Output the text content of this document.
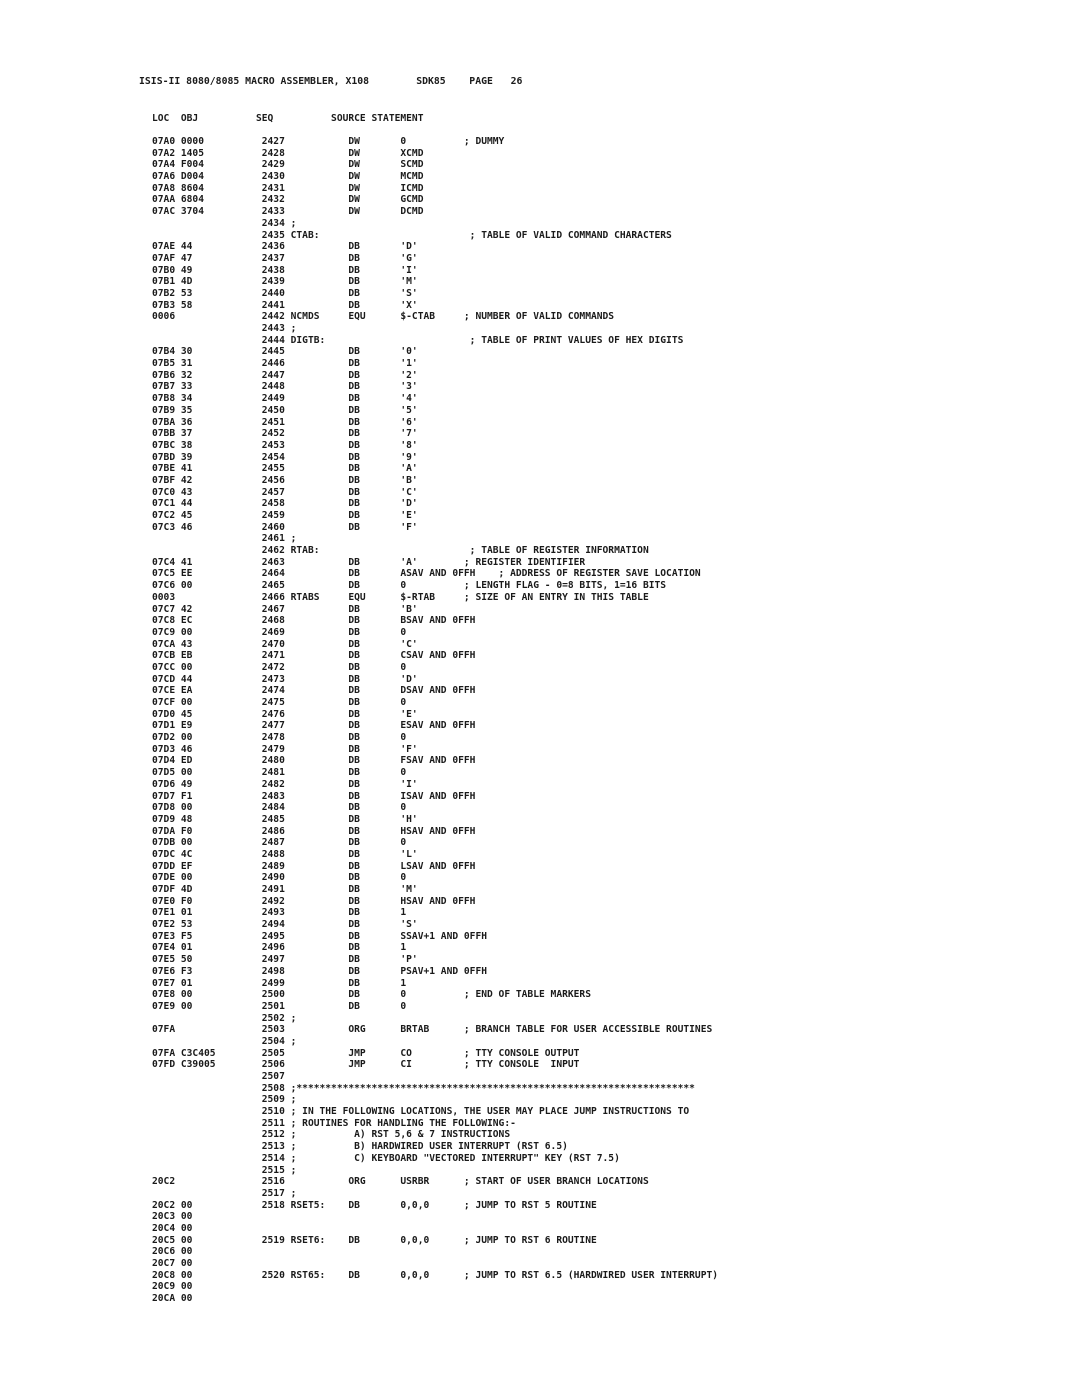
ISIS-II 8080/8085 MACRO ASSEMBLER, X108        SDK85    PAGE   26
LOC  OBJ          SEQ          SOURCE STATEMENT
07A0 0000          2427           DW       0          ; DUMMY
07A2 1405          2428           DW       XCMD
07A4 F004          2429           DW       SCMD
07A6 D004          2430           DW       MCMD
07A8 8604          2431           DW       ICMD
07AA 6804          2432           DW       GCMD
07AC 3704          2433           DW       DCMD
2434 ;
2435 CTAB:                          ; TABLE OF VALID COMMAND CHARACTERS
07AE 44            2436           DB       'D'
07AF 47            2437           DB       'G'
07B0 49            2438           DB       'I'
07B1 4D            2439           DB       'M'
07B2 53            2440           DB       'S'
07B3 58            2441           DB       'X'
0006               2442 NCMDS     EQU      $-CTAB     ; NUMBER OF VALID COMMANDS
2443 ;
2444 DIGTB:                         ; TABLE OF PRINT VALUES OF HEX DIGITS
07B4 30            2445           DB       '0'
07B5 31            2446           DB       '1'
07B6 32            2447           DB       '2'
07B7 33            2448           DB       '3'
07B8 34            2449           DB       '4'
07B9 35            2450           DB       '5'
07BA 36            2451           DB       '6'
07BB 37            2452           DB       '7'
07BC 38            2453           DB       '8'
07BD 39            2454           DB       '9'
07BE 41            2455           DB       'A'
07BF 42            2456           DB       'B'
07C0 43            2457           DB       'C'
07C1 44            2458           DB       'D'
07C2 45            2459           DB       'E'
07C3 46            2460           DB       'F'
2461 ;
2462 RTAB:                          ; TABLE OF REGISTER INFORMATION
07C4 41            2463           DB       'A'        ; REGISTER IDENTIFIER
07C5 EE            2464           DB       ASAV AND 0FFH    ; ADDRESS OF REGISTER SAVE LOCATION
07C6 00            2465           DB       0          ; LENGTH FLAG - 0=8 BITS, 1=16 BITS
0003               2466 RTABS     EQU      $-RTAB     ; SIZE OF AN ENTRY IN THIS TABLE
07C7 42            2467           DB       'B'
07C8 EC            2468           DB       BSAV AND 0FFH
07C9 00            2469           DB       0
07CA 43            2470           DB       'C'
07CB EB            2471           DB       CSAV AND 0FFH
07CC 00            2472           DB       0
07CD 44            2473           DB       'D'
07CE EA            2474           DB       DSAV AND 0FFH
07CF 00            2475           DB       0
07D0 45            2476           DB       'E'
07D1 E9            2477           DB       ESAV AND 0FFH
07D2 00            2478           DB       0
07D3 46            2479           DB       'F'
07D4 ED            2480           DB       FSAV AND 0FFH
07D5 00            2481           DB       0
07D6 49            2482           DB       'I'
07D7 F1            2483           DB       ISAV AND 0FFH
07D8 00            2484           DB       0
07D9 48            2485           DB       'H'
07DA F0            2486           DB       HSAV AND 0FFH
07DB 00            2487           DB       0
07DC 4C            2488           DB       'L'
07DD EF            2489           DB       LSAV AND 0FFH
07DE 00            2490           DB       0
07DF 4D            2491           DB       'M'
07E0 F0            2492           DB       HSAV AND 0FFH
07E1 01            2493           DB       1
07E2 53            2494           DB       'S'
07E3 F5            2495           DB       SSAV+1 AND 0FFH
07E4 01            2496           DB       1
07E5 50            2497           DB       'P'
07E6 F3            2498           DB       PSAV+1 AND 0FFH
07E7 01            2499           DB       1
07E8 00            2500           DB       0          ; END OF TABLE MARKERS
07E9 00            2501           DB       0
2502 ;
07FA               2503           ORG      BRTAB      ; BRANCH TABLE FOR USER ACCESSIBLE ROUTINES
2504 ;
07FA C3C405        2505           JMP      CO         ; TTY CONSOLE OUTPUT
07FD C39005        2506           JMP      CI         ; TTY CONSOLE  INPUT
2507
2508 ;*********************************************************************
2509 ;
2510 ; IN THE FOLLOWING LOCATIONS, THE USER MAY PLACE JUMP INSTRUCTIONS TO
2511 ; ROUTINES FOR HANDLING THE FOLLOWING:-
2512 ;          A) RST 5,6 & 7 INSTRUCTIONS
2513 ;          B) HARDWIRED USER INTERRUPT (RST 6.5)
2514 ;          C) KEYBOARD "VECTORED INTERRUPT" KEY (RST 7.5)
2515 ;
20C2               2516           ORG      USRBR      ; START OF USER BRANCH LOCATIONS
2517 ;
20C2 00            2518 RSET5:    DB       0,0,0      ; JUMP TO RST 5 ROUTINE
20C3 00
20C4 00
20C5 00            2519 RSET6:    DB       0,0,0      ; JUMP TO RST 6 ROUTINE
20C6 00
20C7 00
20C8 00            2520 RST65:    DB       0,0,0      ; JUMP TO RST 6.5 (HARDWIRED USER INTERRUPT)
20C9 00
20CA 00
